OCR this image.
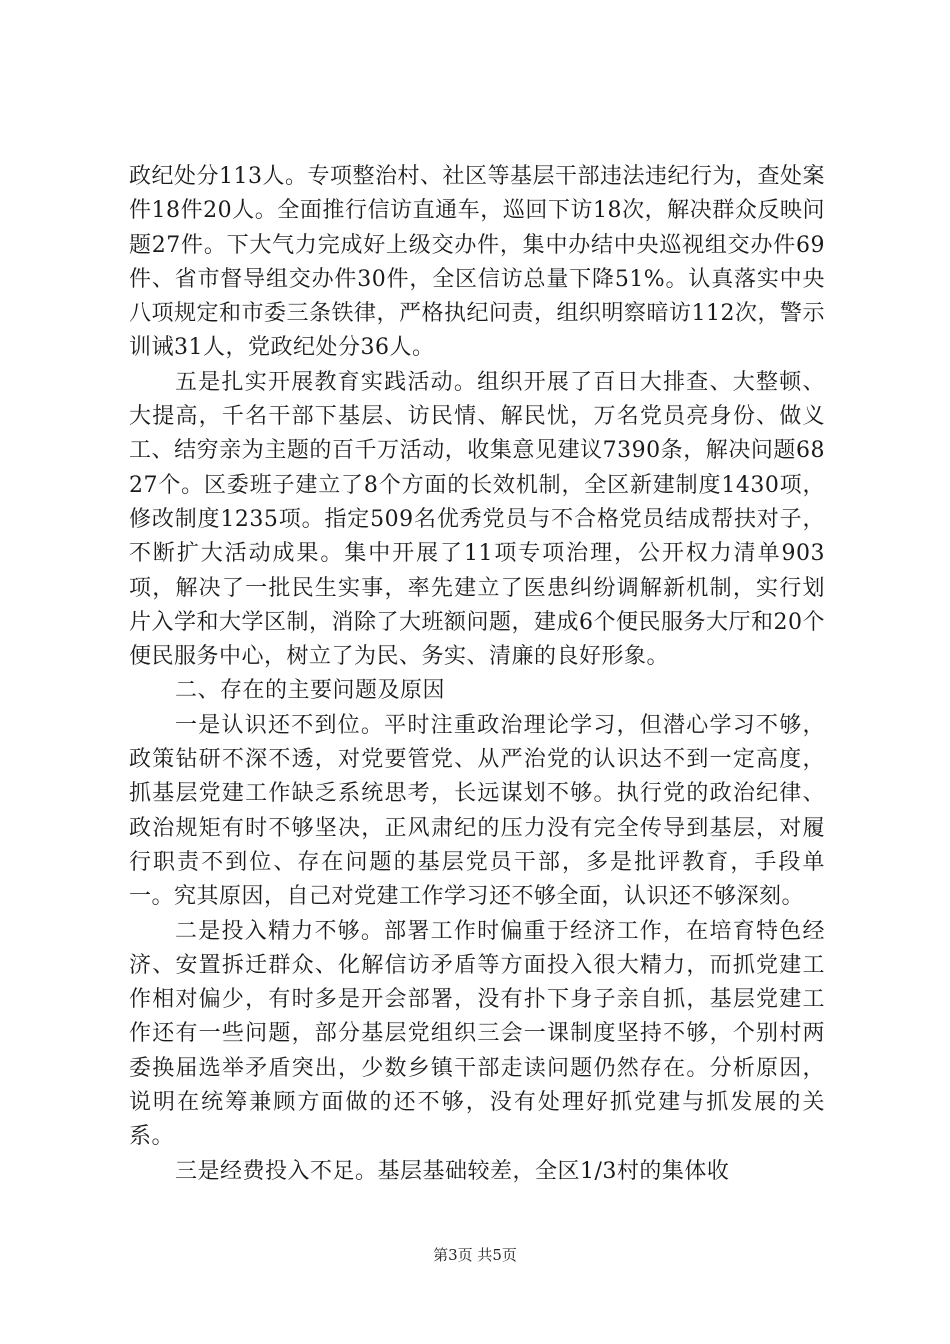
政纪处分113人。专项整治村、社区等基层干部违法违纪行为，查处案件18件20人。全面推行信访直通车，巡回下访18次，解决群众反映问题27件。下大气力完成好上级交办件，集中办结中央巡视组交办件69件、省市督导组交办件30件，全区信访总量下降51%。认真落实中央八项规定和市委三条铁律，严格执纪问责，组织明察暗访112次，警示训诫31人，党政纪处分36人。

五是扎实开展教育实践活动。组织开展了百日大排查、大整顿、大提高，千名干部下基层、访民情、解民忧，万名党员亮身份、做义工、结穷亲为主题的百千万活动，收集意见建议7390条，解决问题6827个。区委班子建立了8个方面的长效机制，全区新建制度1430项，修改制度1235项。指定509名优秀党员与不合格党员结成帮扶对子，不断扩大活动成果。集中开展了11项专项治理，公开权力清单903项，解决了一批民生实事，率先建立了医患纠纷调解新机制，实行划片入学和大学区制，消除了大班额问题，建成6个便民服务大厅和20个便民服务中心，树立了为民、务实、清廉的良好形象。

二、存在的主要问题及原因

一是认识还不到位。平时注重政治理论学习，但潜心学习不够，政策钻研不深不透，对党要管党、从严治党的认识达不到一定高度，抓基层党建工作缺乏系统思考，长远谋划不够。执行党的政治纪律、政治规矩有时不够坚决，正风肃纪的压力没有完全传导到基层，对履行职责不到位、存在问题的基层党员干部，多是批评教育，手段单一。究其原因，自己对党建工作学习还不够全面，认识还不够深刻。

二是投入精力不够。部署工作时偏重于经济工作，在培育特色经济、安置拆迁群众、化解信访矛盾等方面投入很大精力，而抓党建工作相对偏少，有时多是开会部署，没有扑下身子亲自抓，基层党建工作还有一些问题，部分基层党组织三会一课制度坚持不够，个别村两委换届选举矛盾突出，少数乡镇干部走读问题仍然存在。分析原因，说明在统筹兼顾方面做的还不够，没有处理好抓党建与抓发展的关系。

三是经费投入不足。基层基础较差，全区1/3村的集体收

第3页 共5页
